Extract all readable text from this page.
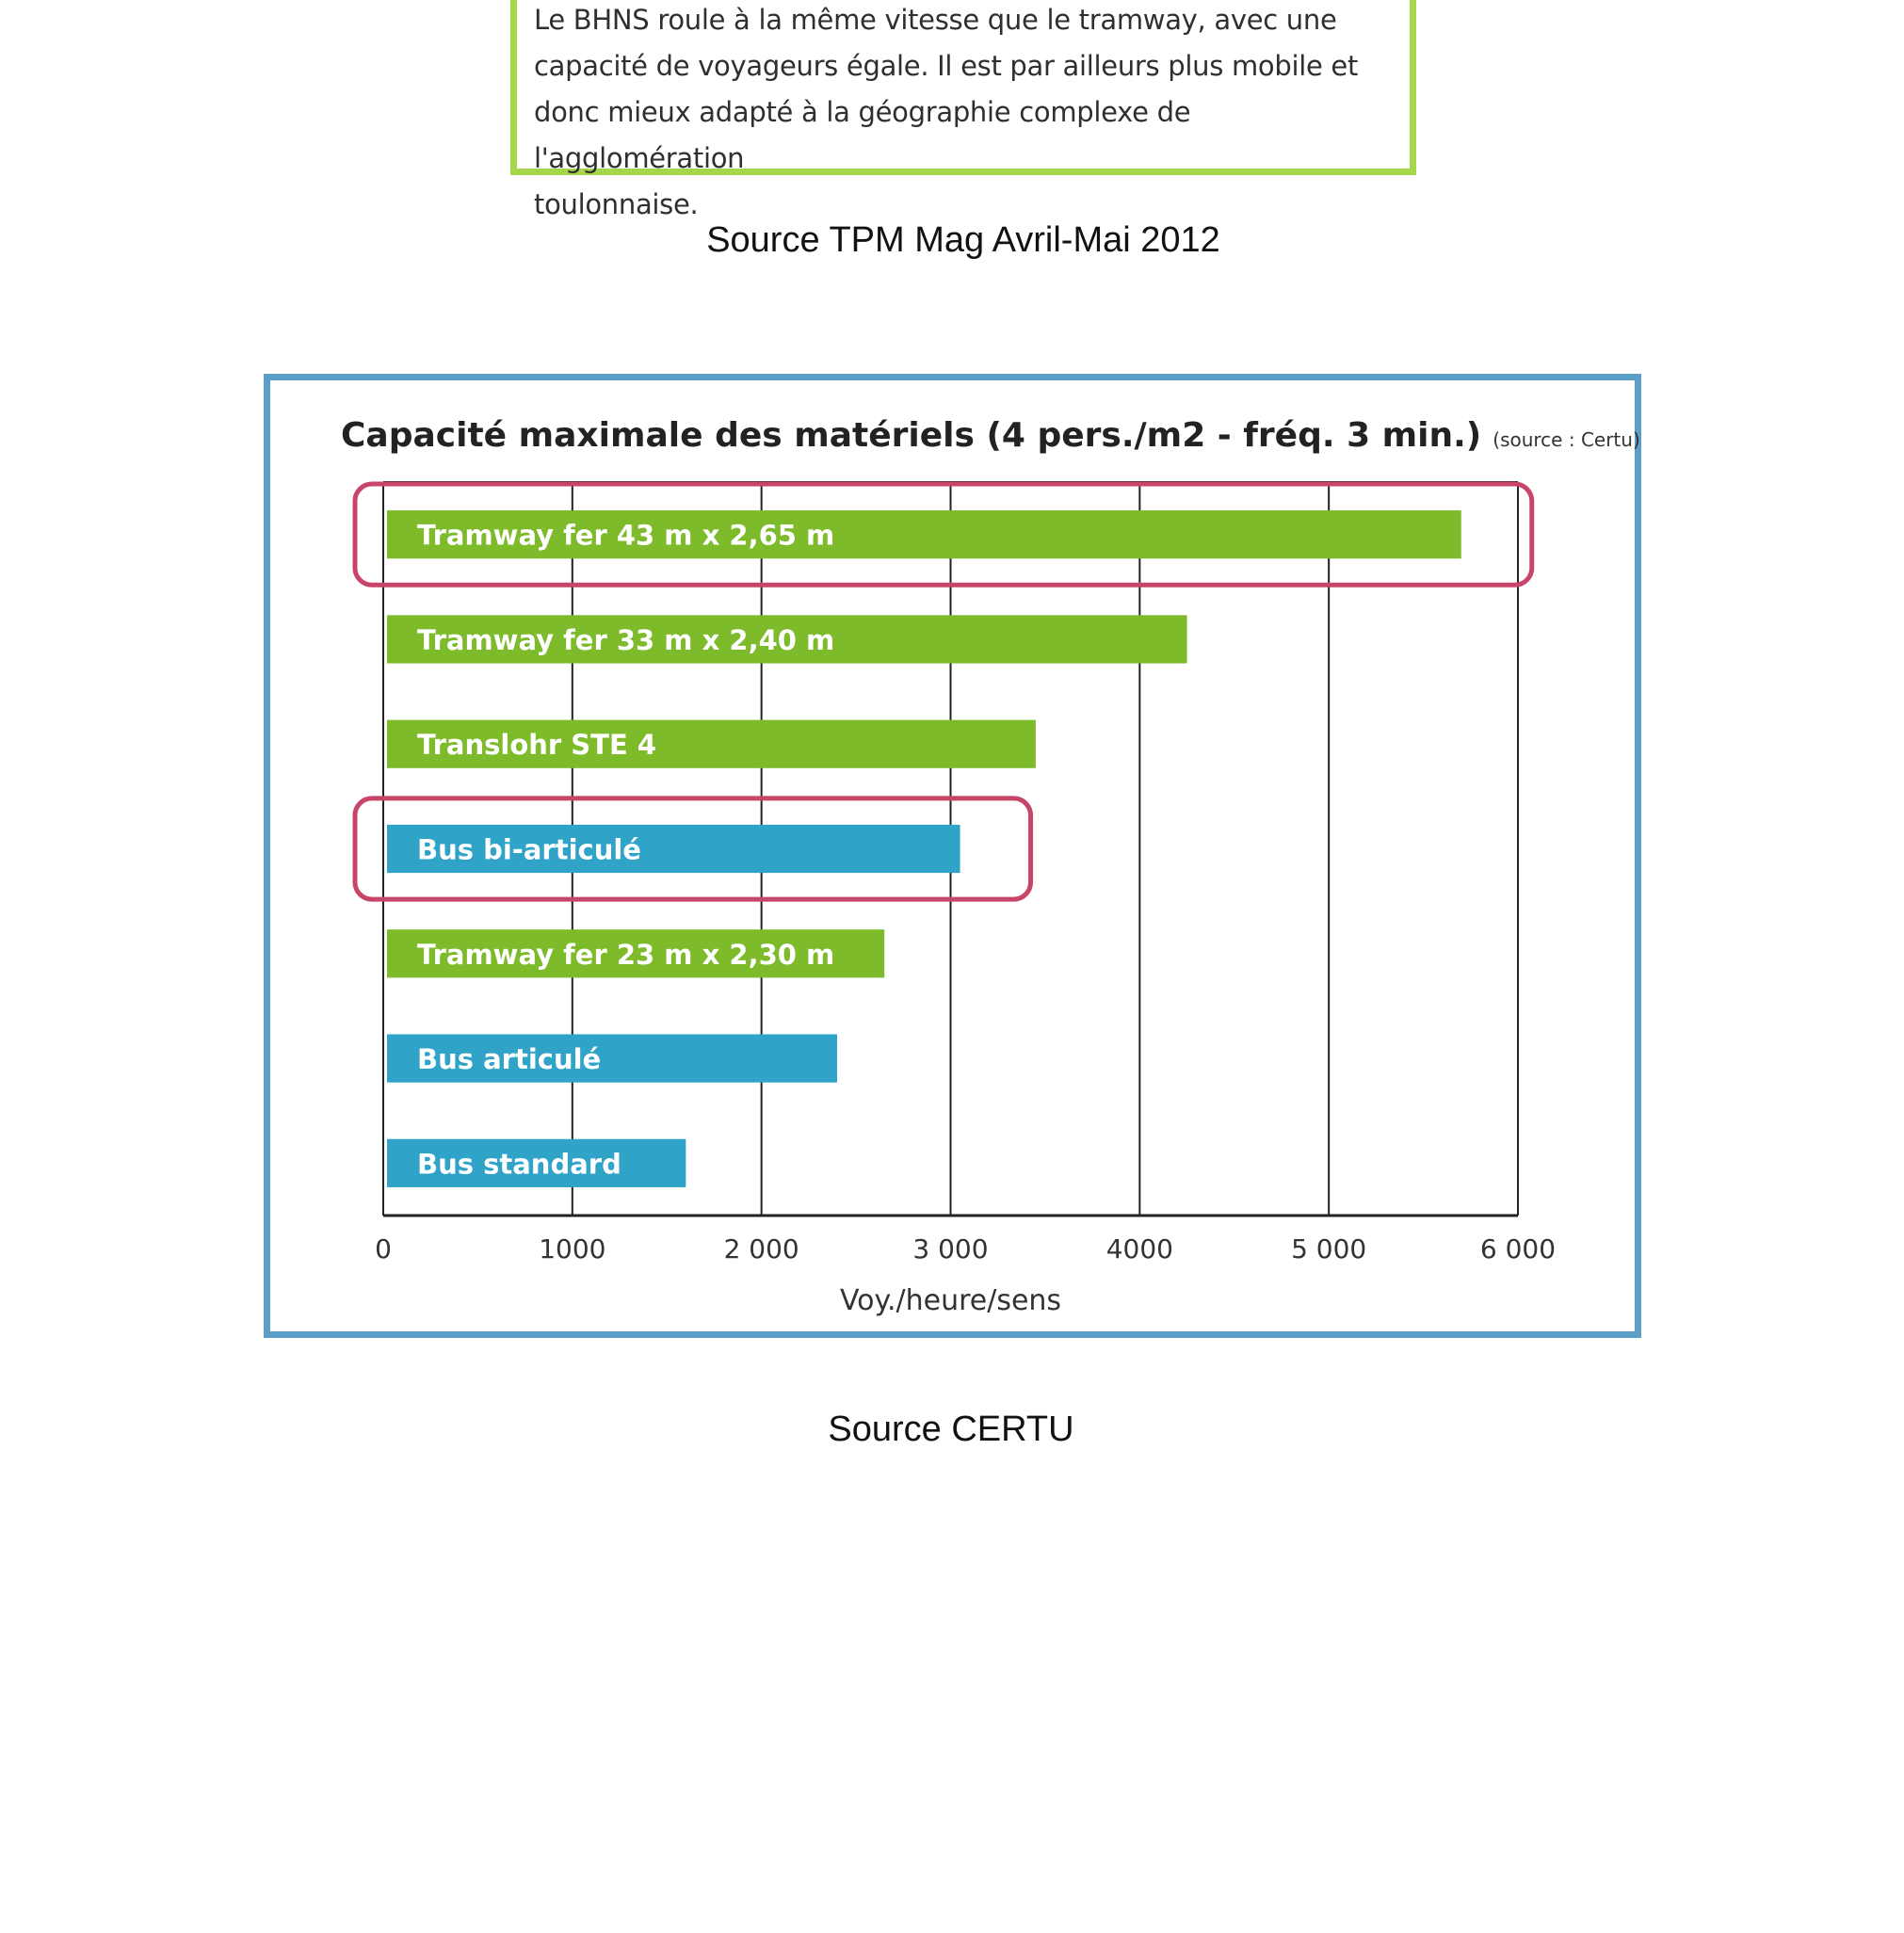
Le BHNS roule à la même vitesse que le tramway, avec une
capacité de voyageurs égale. Il est par ailleurs plus mobile et
donc mieux adapté à la géographie complexe de l'agglomération
toulonnaise.
Source TPM Mag Avril-Mai 2012
Capacité maximale des matériels (4 pers./m2 - fréq. 3 min.) (source : Certu)
0	1000	2 000	3 000	4000	5 000	6 000
Voy./heure/sens
Tramway fer 43 m x 2,65 m
Tramway fer 33 m x 2,40 m
Translohr STE 4
Bus bi-articulé
Tramway fer 23 m x 2,30 m
Bus articulé
Bus standard
Source CERTU
